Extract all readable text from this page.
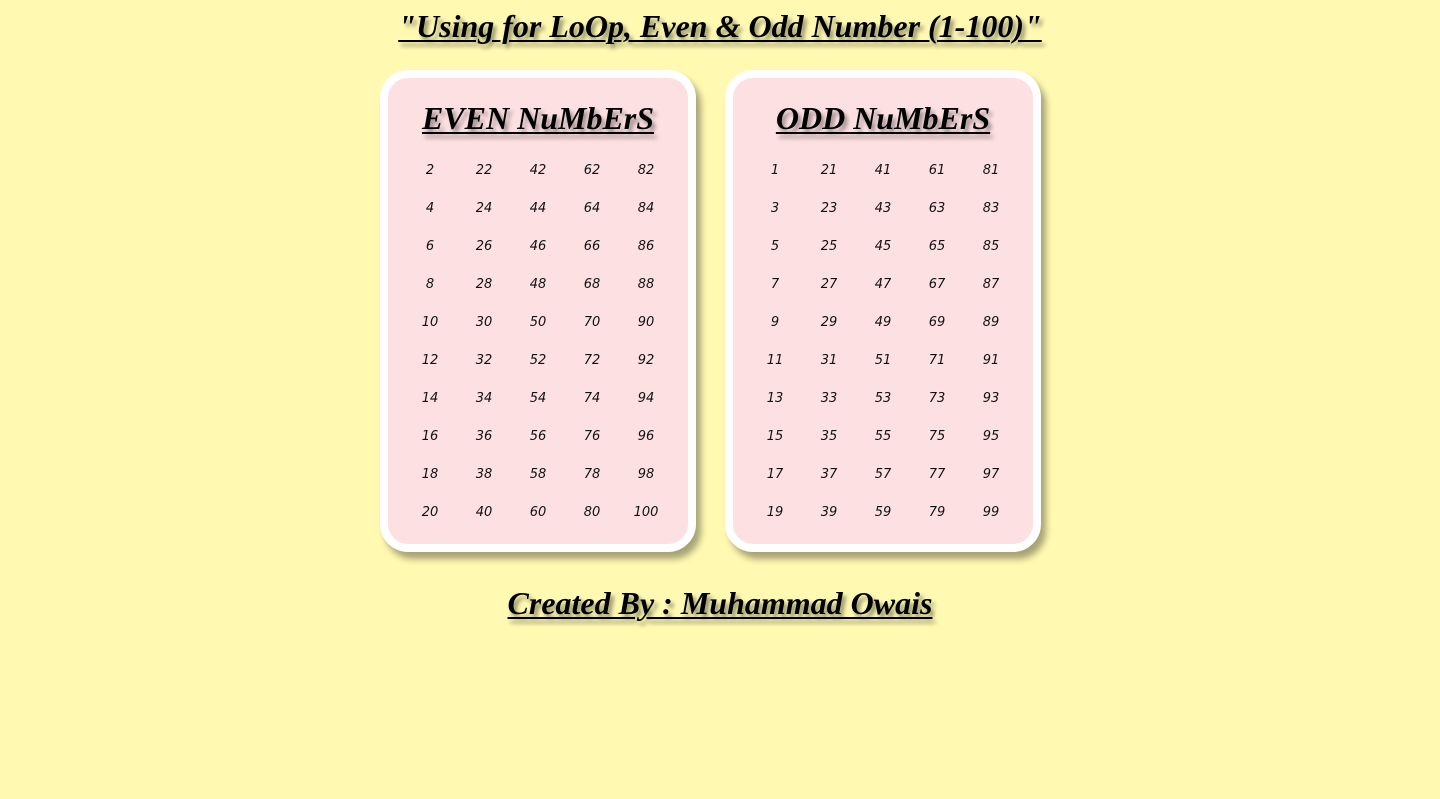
"Using for LoOp, Even & Odd Number (1-100)"
EVEN NuMbErS
2	22	42	62	82
4	24	44	64	84
6	26	46	66	86
8	28	48	68	88
10	30	50	70	90
12	32	52	72	92
14	34	54	74	94
16	36	56	76	96
18	38	58	78	98
20	40	60	80	100
ODD NuMbErS
1	21	41	61	81
3	23	43	63	83
5	25	45	65	85
7	27	47	67	87
9	29	49	69	89
11	31	51	71	91
13	33	53	73	93
15	35	55	75	95
17	37	57	77	97
19	39	59	79	99
Created By : Muhammad Owais
